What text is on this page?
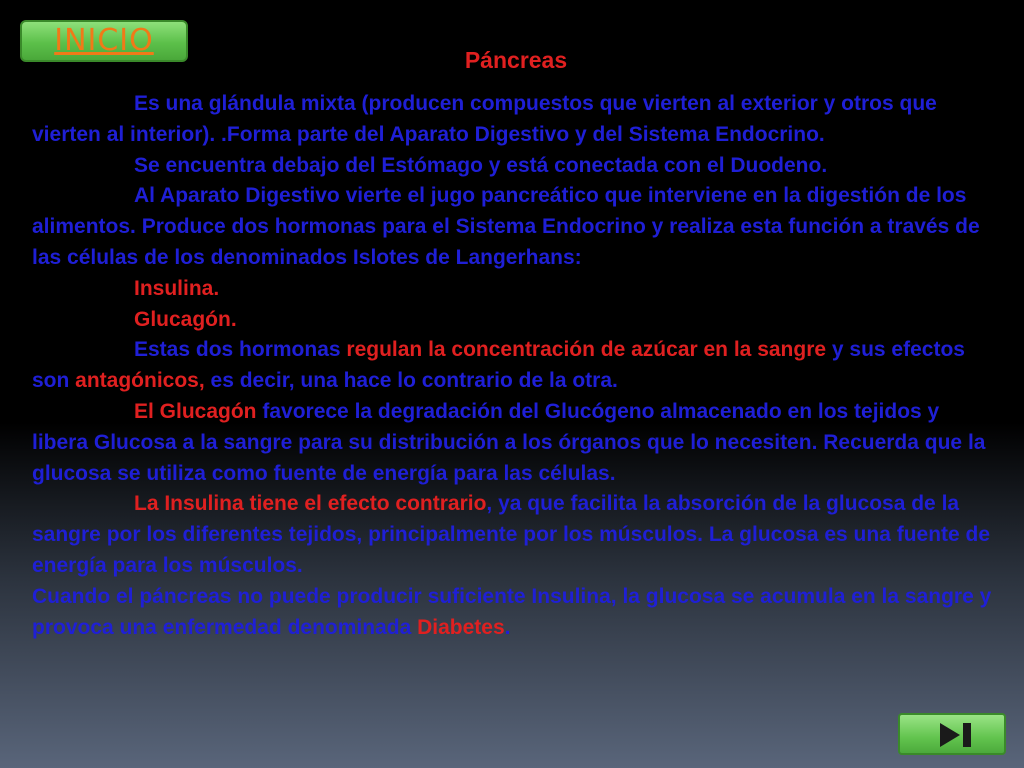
INICIO
Páncreas

Es una glándula mixta (producen compuestos que vierten al exterior y otros que vierten al interior). .Forma parte del Aparato Digestivo y del Sistema Endocrino.

Se encuentra debajo del Estómago y está conectada con el Duodeno.

Al Aparato Digestivo vierte el jugo pancreático que interviene en la digestión de los alimentos. Produce dos hormonas para el Sistema Endocrino y realiza esta función a través de las células de los denominados Islotes de Langerhans:

Insulina.

Glucagón.

Estas dos hormonas regulan la concentración de azúcar en la sangre y sus efectos son antagónicos, es decir, una hace lo contrario de la otra.

El Glucagón favorece la degradación del Glucógeno almacenado en los tejidos y libera Glucosa a la sangre para su distribución a los órganos que lo necesiten. Recuerda que la glucosa se utiliza como fuente de energía para las células.

La Insulina tiene el efecto contrario, ya que facilita la absorción de la glucosa de la sangre por los diferentes tejidos, principalmente por los músculos. La glucosa es una fuente de energía para los músculos.

Cuando el páncreas no puede producir suficiente Insulina, la glucosa se acumula en la sangre y provoca una enfermedad denominada Diabetes.
